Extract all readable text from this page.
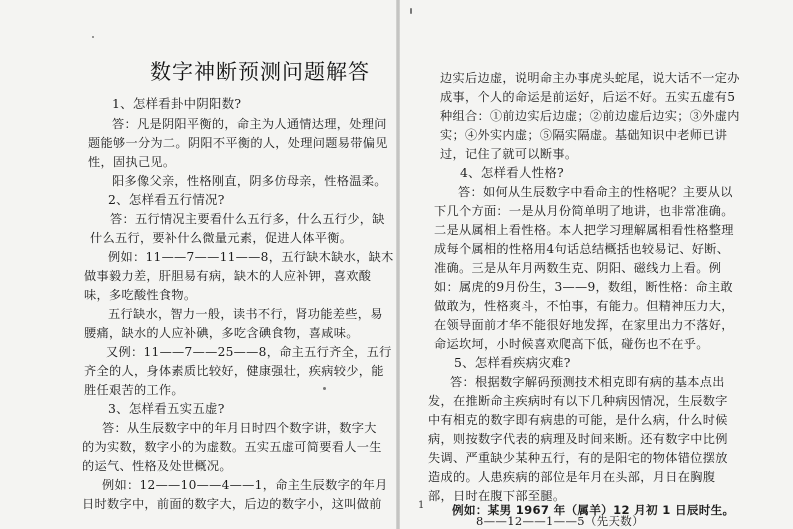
数字神断预测问题解答
1、怎样看卦中阴阳数?
答：凡是阴阳平衡的，命主为人通情达理，处理问
题能够一分为二。阴阳不平衡的人，处理问题易带偏见
性，固执己见。
阳多像父亲，性格刚直，阴多仿母亲，性格温柔。
2、怎样看五行情况?
答：五行情况主要看什么五行多，什么五行少，缺
什么五行，要补什么微量元素，促进人体平衡。
例如：11——7——11——8，五行缺木缺水，缺木
做事毅力差，肝胆易有病，缺木的人应补钾，喜欢酸
味，多吃酸性食物。
五行缺水，智力一般，读书不行，肾功能差些，易
腰痛，缺水的人应补碘，多吃含碘食物，喜咸味。
又例：11——7——25——8，命主五行齐全，五行
齐全的人，身体素质比较好，健康强壮，疾病较少，能
胜任艰苦的工作。
3、怎样看五实五虚?
答：从生辰数字中的年月日时四个数字讲，数字大
的为实数，数字小的为虚数。五实五虚可简要看人一生
的运气、性格及处世概况。
例如：12——10——4——1，命主生辰数字的年月
日时数字中，前面的数字大，后边的数字小，这叫做前
边实后边虚，说明命主办事虎头蛇尾，说大话不一定办
成事，个人的命运是前运好，后运不好。五实五虚有5
种组合：①前边实后边虚；②前边虚后边实；③外虚内
实；④外实内虚；⑤隔实隔虚。基础知识中老师已讲
过，记住了就可以断事。
4、怎样看人性格?
答：如何从生辰数字中看命主的性格呢？主要从以
下几个方面：一是从月份简单明了地讲，也非常准确。
二是从属相上看性格。本人把学习理解属相看性格整理
成每个属相的性格用4句话总结概括也较易记、好断、
准确。三是从年月两数生克、阴阳、磁线力上看。例
如：属虎的9月份生，3——9，数组，断性格：命主敢
做敢为，性格爽斗，不怕事，有能力。但精神压力大，
在领导面前才华不能很好地发挥，在家里出力不落好，
命运坎坷，小时候喜欢爬高下低，碰伤也不在乎。
5、怎样看疾病灾难?
答：根据数字解码预测技术相克即有病的基本点出
发，在推断命主疾病时有以下几种病因情况，生辰数字
中有相克的数字即有病患的可能，是什么病，什么时候
病，则按数字代表的病理及时间来断。还有数字中比例
失调、严重缺少某种五行，有的是阳宅的物体错位摆放
造成的。人患疾病的部位是年月在头部，月日在胸腹
部，日时在腹下部至腿。
例如：某男 1967 年（属羊）12 月初 1 日辰时生。
8——12——1——5（先天数）
1
